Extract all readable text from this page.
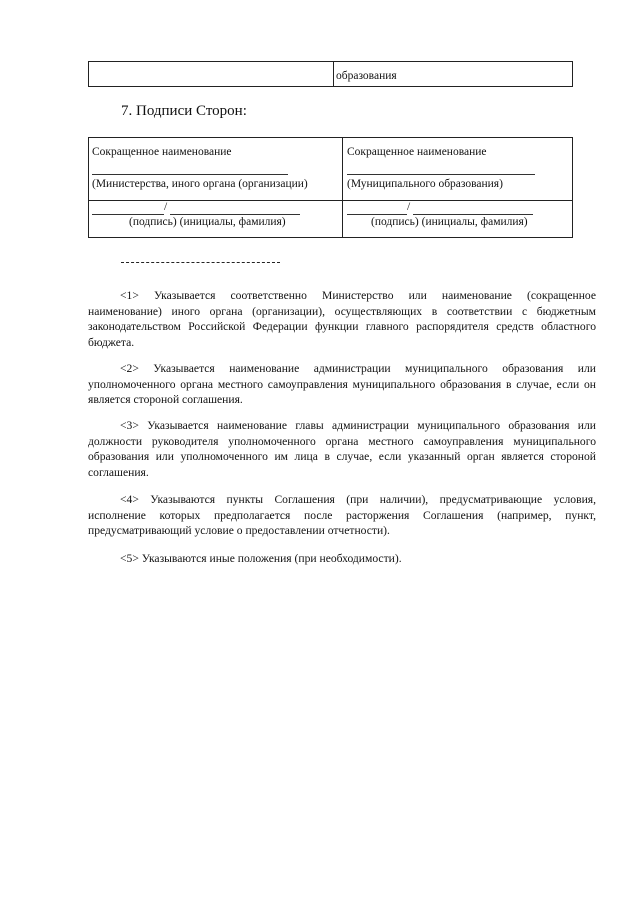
образования
7. Подписи Сторон:
Сокращенное наименование
(Министерства, иного органа (организации)
/
(подпись) (инициалы, фамилия)
Сокращенное наименование
(Муниципального образования)
/
(подпись) (инициалы, фамилия)

<1> Указывается соответственно Министерство или наименование (сокращенное наименование) иного органа (организации), осуществляющих в соответствии с бюджетным законодательством Российской Федерации функции главного распорядителя средств областного бюджета.

<2> Указывается наименование администрации муниципального образования или уполномоченного органа местного самоуправления муниципального образования в случае, если он является стороной соглашения.

<3> Указывается наименование главы администрации муниципального образования или должности руководителя уполномоченного органа местного самоуправления муниципального образования или уполномоченного им лица в случае, если указанный орган является стороной соглашения.

<4> Указываются пункты Соглашения (при наличии), предусматривающие условия, исполнение которых предполагается после расторжения Соглашения (например, пункт, предусматривающий условие о предоставлении отчетности).

<5> Указываются иные положения (при необходимости).
